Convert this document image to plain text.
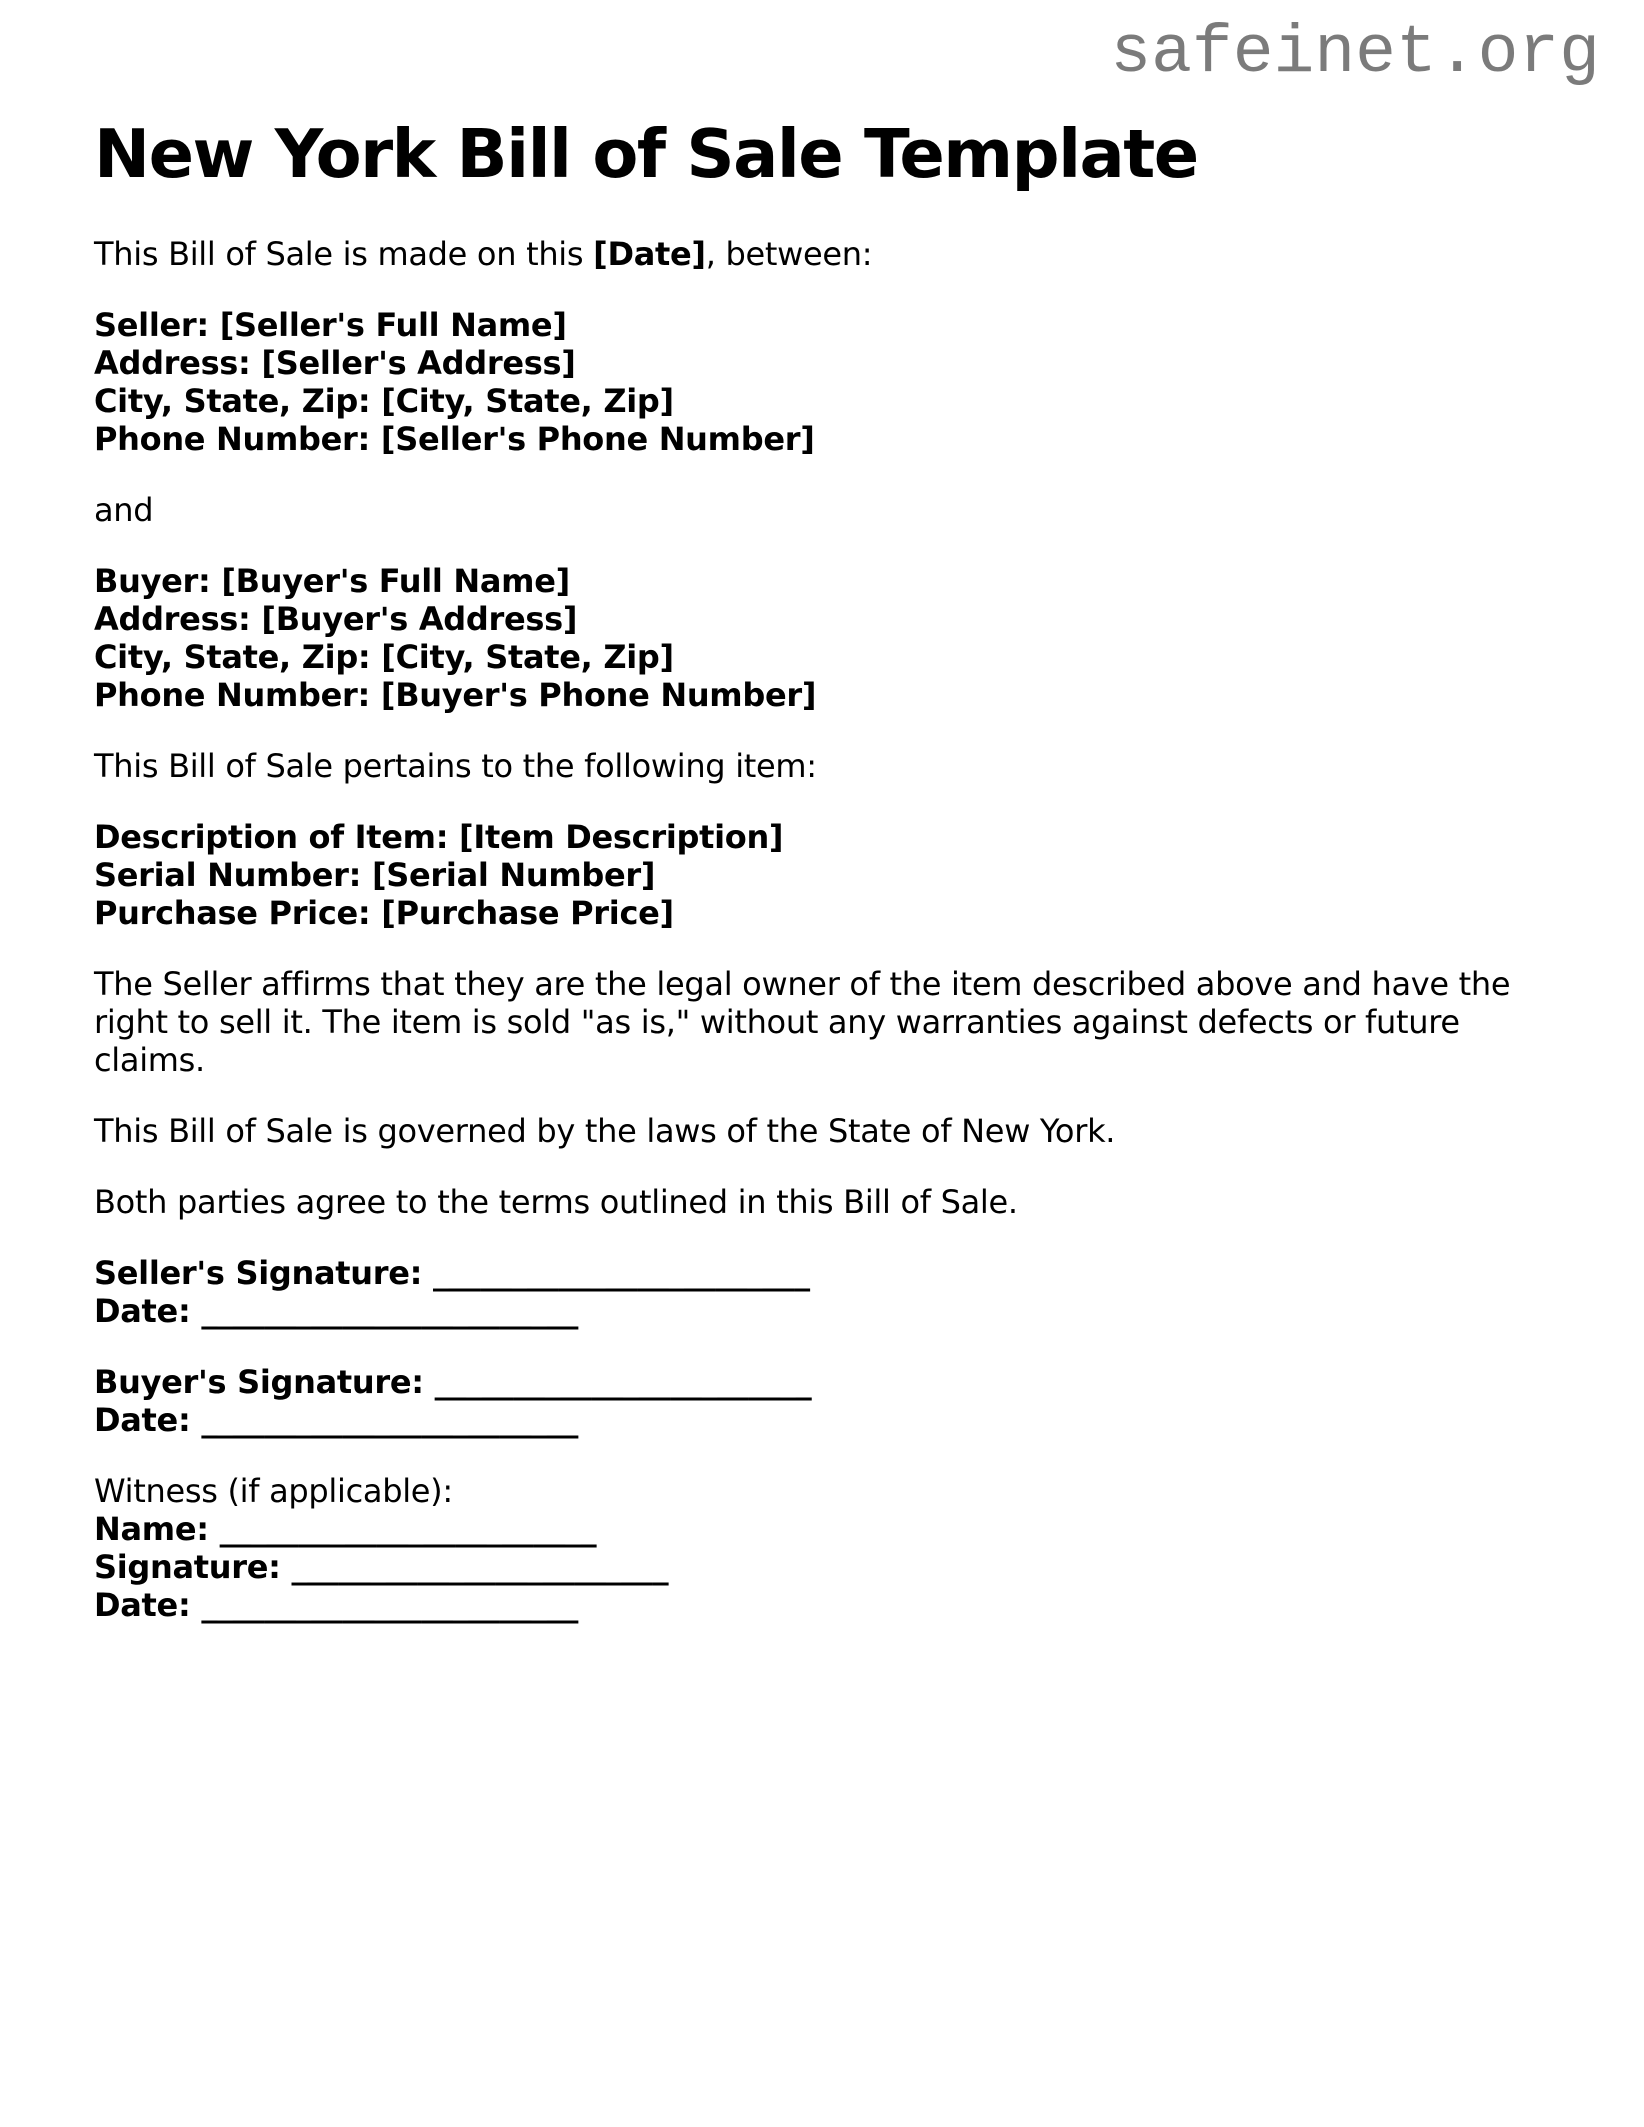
safeinet.org
New York Bill of Sale Template

This Bill of Sale is made on this [Date], between:

Seller: [Seller's Full Name]
Address: [Seller's Address]
City, State, Zip: [City, State, Zip]
Phone Number: [Seller's Phone Number]

and

Buyer: [Buyer's Full Name]
Address: [Buyer's Address]
City, State, Zip: [City, State, Zip]
Phone Number: [Buyer's Phone Number]

This Bill of Sale pertains to the following item:

Description of Item: [Item Description]
Serial Number: [Serial Number]
Purchase Price: [Purchase Price]
The Seller affirms that they are the legal owner of the item described above and have the
right to sell it. The item is sold "as is," without any warranties against defects or future
claims.

This Bill of Sale is governed by the laws of the State of New York.

Both parties agree to the terms outlined in this Bill of Sale.

Seller's Signature: ________________________
Date: ________________________
Buyer's Signature: ________________________
Date: ________________________
Witness (if applicable):
Name: ________________________
Signature: ________________________
Date: ________________________
